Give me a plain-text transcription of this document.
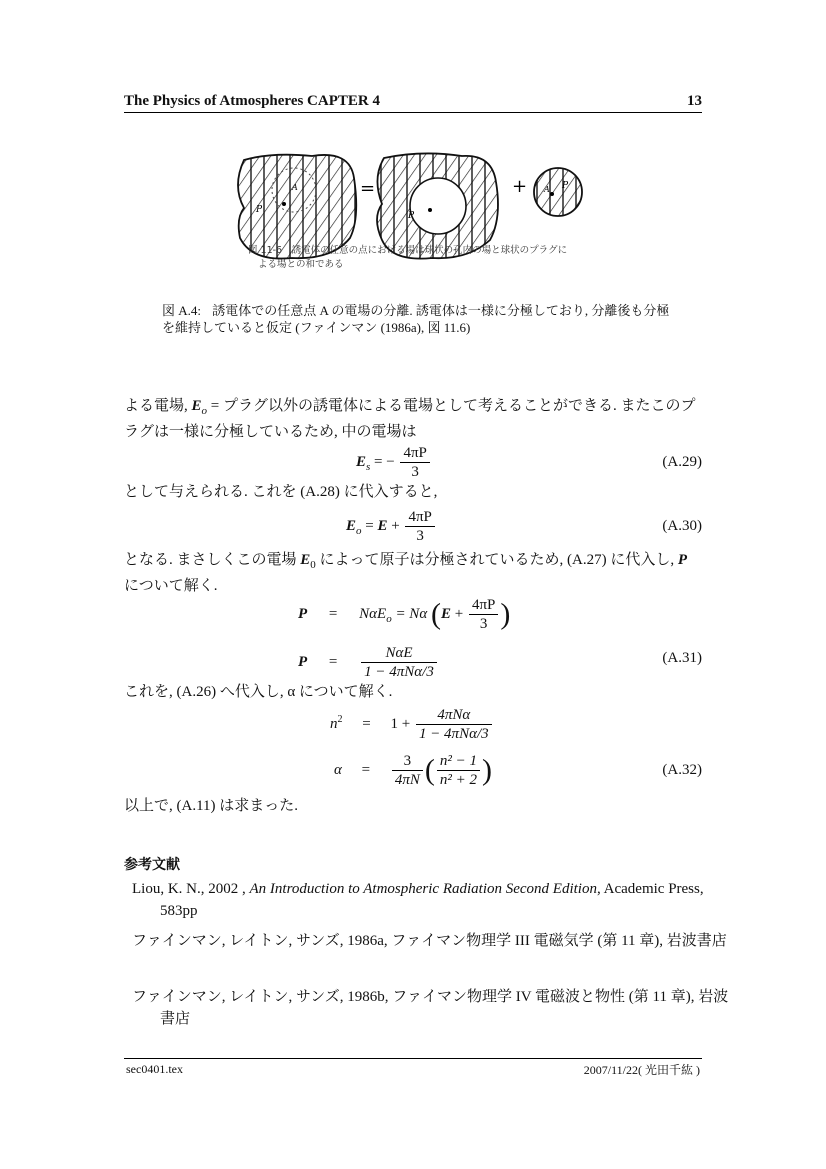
The Physics of Atmospheres CAPTER 4	13
P
A	=
P
+	P
A
図 11-6　誘電体の任意の点における場は球状の孔内の場と球状のプラグに
よる場との和である
図 A.4: 誘電体での任意点 A の電場の分離. 誘電体は一様に分極しており, 分離後も分極を維持していると仮定 (ファインマン (1986a), 図 11.6)
よる電場, $E_o$ = プラグ以外の誘電体による電場として考えることができる. またこのプラグは一様に分極しているため, 中の電場は
$E_s$ = − $\frac{4\pi P}{3}$	(A.29)
として与えられる. これを (A.28) に代入すると,
$E_o = E + \frac{4\pi P}{3}$	(A.30)
となる. まさしくこの電場 $E_0$ によって原子は分極されているため, (A.27) に代入し, P について解く.
P = NαE$_o$ = Nα ($E + \frac{4\pi P}{3}$ )
$P = \frac{\text{NαE}}{\text{1 − 4πNα/3}}$	(A.31)
これを, (A.26) へ代入し, α について解く.
$n^2 = 1 + \frac{\text{4πNα}}{\text{1 − 4πNα/3}}$
$\alpha = \frac{3}{4\pi N}$ ( $\frac{\text{n² − 1}}{\text{n² + 2}}$ )	(A.32)
以上で, (A.11) は求まった.
参考文献
Liou, K. N., 2002 , An Introduction to Atmospheric Radiation Second Edition, Academic Press, 583pp
ファインマン, レイトン, サンズ, 1986a, ファイマン物理学 III 電磁気学 (第 11 章), 岩波書店
ファインマン, レイトン, サンズ, 1986b, ファイマン物理学 IV 電磁波と物性 (第 11 章), 岩波書店
sec0401.tex	2007/11/22( 光田千紘 )
